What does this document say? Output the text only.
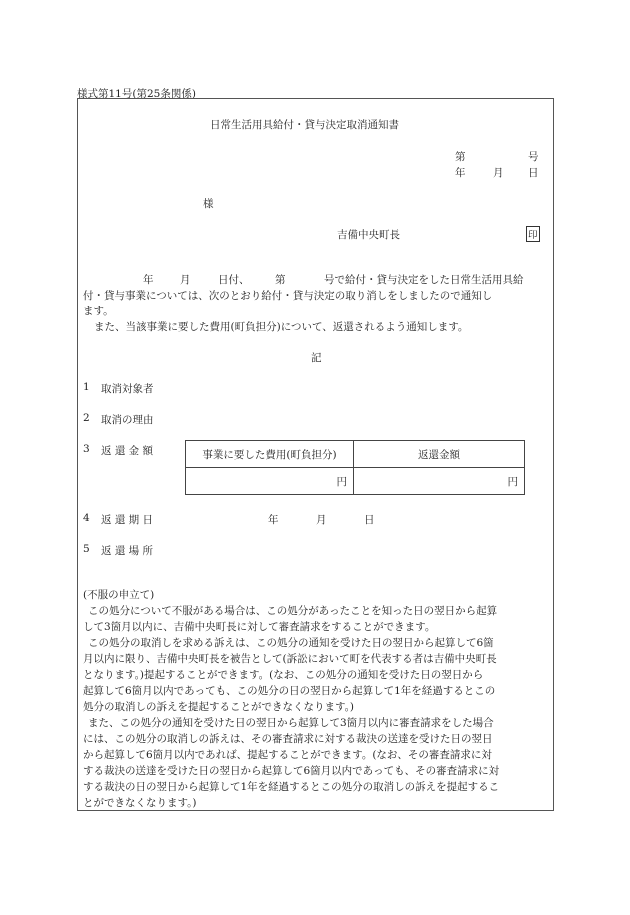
様式第11号(第25条関係)
日常生活用具給付・貸与決定取消通知書
第	号
年	月 日
様
吉備中央町長	印
年	月	日付、 第	号で給付・貸与決定をした日常生活用具給
付・貸与事業については、次のとおり給付・貸与決定の取り消しをしましたので通知し
ます。
また、当該事業に要した費用(町負担分)について、返還されるよう通知します。
記
1 取消対象者
2 取消の理由
3 返 還 金 額	事業に要した費用(町負担分)	返還金額
円	円
4 返 還 期 日	年	月	日
5 返 還 場 所
(不服の申立て)
この処分について不服がある場合は、この処分があったことを知った日の翌日から起算
して3箇月以内に、吉備中央町長に対して審査請求をすることができます。
この処分の取消しを求める訴えは、この処分の通知を受けた日の翌日から起算して6箇
月以内に限り、吉備中央町長を被告として(訴訟において町を代表する者は吉備中央町長
となります。)提起することができます。(なお、この処分の通知を受けた日の翌日から
起算して6箇月以内であっても、この処分の日の翌日から起算して1年を経過するとこの
処分の取消しの訴えを提起することができなくなります。)
また、この処分の通知を受けた日の翌日から起算して3箇月以内に審査請求をした場合
には、この処分の取消しの訴えは、その審査請求に対する裁決の送達を受けた日の翌日
から起算して6箇月以内であれば、提起することができます。(なお、その審査請求に対
する裁決の送達を受けた日の翌日から起算して6箇月以内であっても、その審査請求に対
する裁決の日の翌日から起算して1年を経過するとこの処分の取消しの訴えを提起するこ
とができなくなります。)
